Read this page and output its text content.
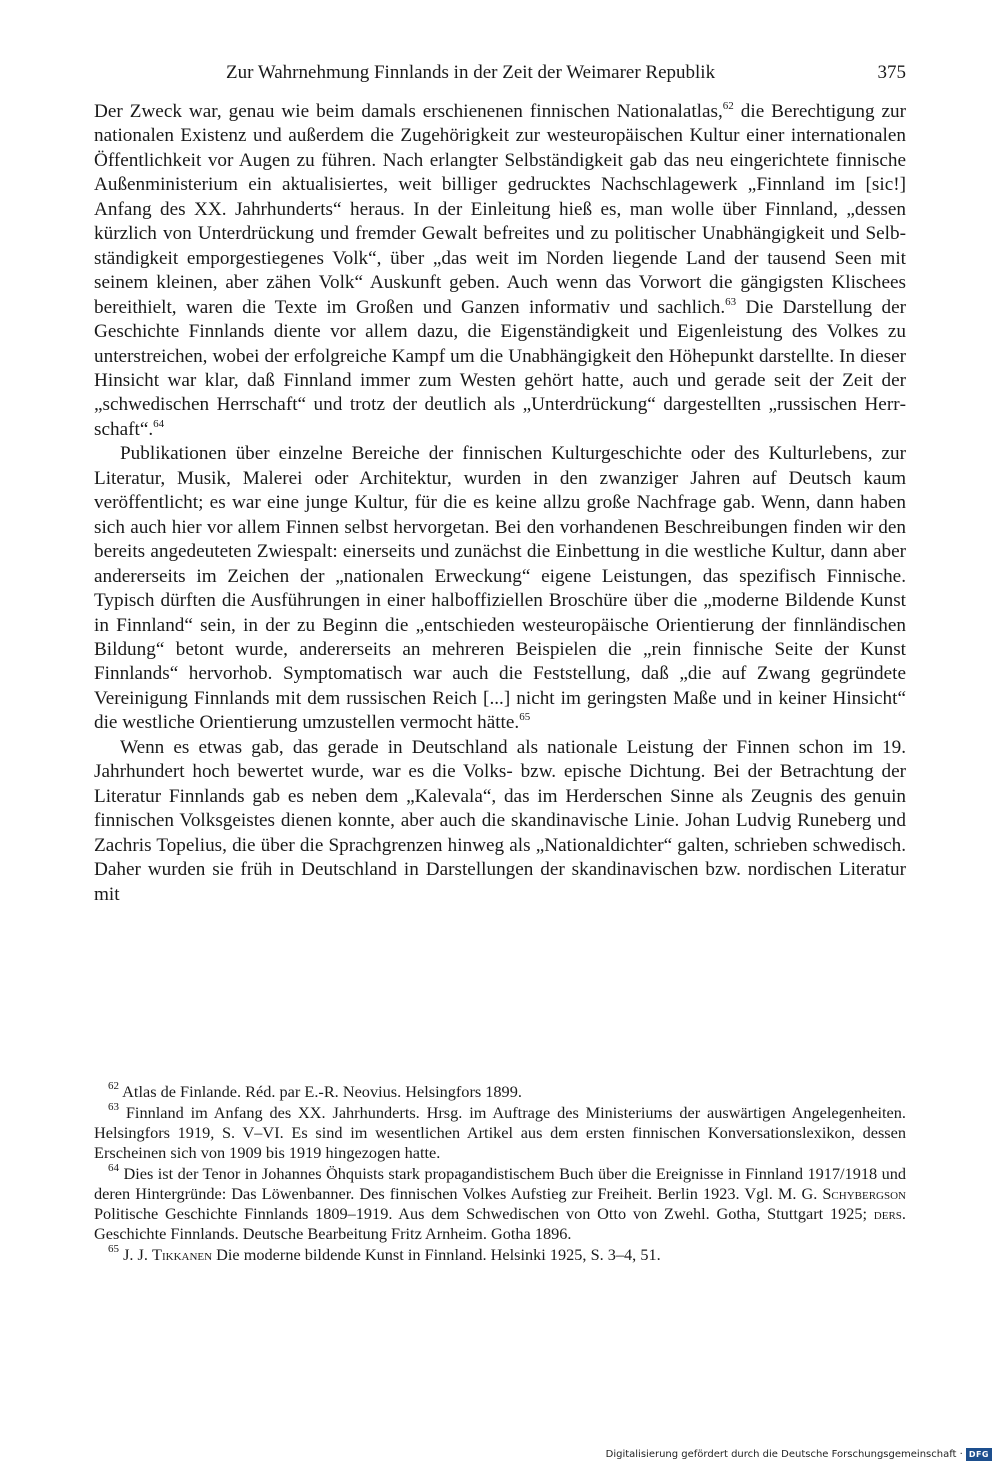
Zur Wahrnehmung Finnlands in der Zeit der Weimarer Republik	375

Der Zweck war, genau wie beim damals erschienenen finnischen Nationalatlas,$^{62}$ die Berechtigung zur nationalen Existenz und außerdem die Zugehörigkeit zur westeuropäischen Kultur einer internationalen Öffentlichkeit vor Augen zu führen. Nach erlangter Selbständigkeit gab das neu eingerichtete finnische Außenministerium ein aktualisiertes, weit billiger gedrucktes Nachschlagewerk „Finnland im [sic!] Anfang des XX. Jahrhunderts“ heraus. In der Einleitung hieß es, man wolle über Finnland, „dessen kürzlich von Unterdrückung und fremder Gewalt befreites und zu politischer Unabhängigkeit und Selbständigkeit emporgestiegenes Volk“, über „das weit im Norden liegende Land der tausend Seen mit seinem kleinen, aber zähen Volk“ Auskunft geben. Auch wenn das Vorwort die gängigsten Klischees bereithielt, waren die Texte im Großen und Ganzen informativ und sachlich.$^{63}$ Die Darstellung der Geschichte Finnlands diente vor allem dazu, die Eigenständigkeit und Eigenleistung des Volkes zu unterstreichen, wobei der erfolgreiche Kampf um die Unabhängigkeit den Höhepunkt darstellte. In dieser Hinsicht war klar, daß Finnland immer zum Westen gehört hatte, auch und gerade seit der Zeit der „schwedischen Herrschaft“ und trotz der deutlich als „Unterdrückung“ dargestellten „russischen Herrschaft“.$^{64}$

Publikationen über einzelne Bereiche der finnischen Kulturgeschichte oder des Kulturlebens, zur Literatur, Musik, Malerei oder Architektur, wurden in den zwanziger Jahren auf Deutsch kaum veröffentlicht; es war eine junge Kultur, für die es keine allzu große Nachfrage gab. Wenn, dann haben sich auch hier vor allem Finnen selbst hervorgetan. Bei den vorhandenen Beschreibungen finden wir den bereits angedeuteten Zwiespalt: einerseits und zunächst die Einbettung in die westliche Kultur, dann aber andererseits im Zeichen der „nationalen Erweckung“ eigene Leistungen, das spezifisch Finnische. Typisch dürften die Ausführungen in einer halboffiziellen Broschüre über die „moderne Bildende Kunst in Finnland“ sein, in der zu Beginn die „entschieden westeuropäische Orientierung der finnländischen Bildung“ betont wurde, andererseits an mehreren Beispielen die „rein finnische Seite der Kunst Finnlands“ hervorhob. Symptomatisch war auch die Feststellung, daß „die auf Zwang gegründete Vereinigung Finnlands mit dem russischen Reich [...] nicht im geringsten Maße und in keiner Hinsicht“ die westliche Orientierung umzustellen vermocht hätte.$^{65}$

Wenn es etwas gab, das gerade in Deutschland als nationale Leistung der Finnen schon im 19. Jahrhundert hoch bewertet wurde, war es die Volks- bzw. epische Dichtung. Bei der Betrachtung der Literatur Finnlands gab es neben dem „Kalevala“, das im Herderschen Sinne als Zeugnis des genuin finnischen Volksgeistes dienen konnte, aber auch die skandinavische Linie. Johan Ludvig Runeberg und Zachris Topelius, die über die Sprachgrenzen hinweg als „Nationaldichter“ galten, schrieben schwedisch. Daher wurden sie früh in Deutschland in Darstellungen der skandinavischen bzw. nordischen Literatur mit

$^{62}$ Atlas de Finlande. Réd. par E.-R. Neovius. Helsingfors 1899.

$^{63}$ Finnland im Anfang des XX. Jahrhunderts. Hrsg. im Auftrage des Ministeriums der auswärtigen Angelegenheiten. Helsingfors 1919, S. V–VI. Es sind im wesentlichen Artikel aus dem ersten finnischen Konversationslexikon, dessen Erscheinen sich von 1909 bis 1919 hingezogen hatte.

$^{64}$ Dies ist der Tenor in Johannes Öhquists stark propagandistischem Buch über die Ereignisse in Finnland 1917/1918 und deren Hintergründe: Das Löwenbanner. Des finnischen Volkes Aufstieg zur Freiheit. Berlin 1923. Vgl. M. G. Schybergson Politische Geschichte Finnlands 1809–1919. Aus dem Schwedischen von Otto von Zwehl. Gotha, Stuttgart 1925; ders. Geschichte Finnlands. Deutsche Bearbeitung Fritz Arnheim. Gotha 1896.

$^{65}$ J. J. Tikkanen Die moderne bildende Kunst in Finnland. Helsinki 1925, S. 3–4, 51.

Digitalisierung gefördert durch die Deutsche Forschungsgemeinschaft · DFG
